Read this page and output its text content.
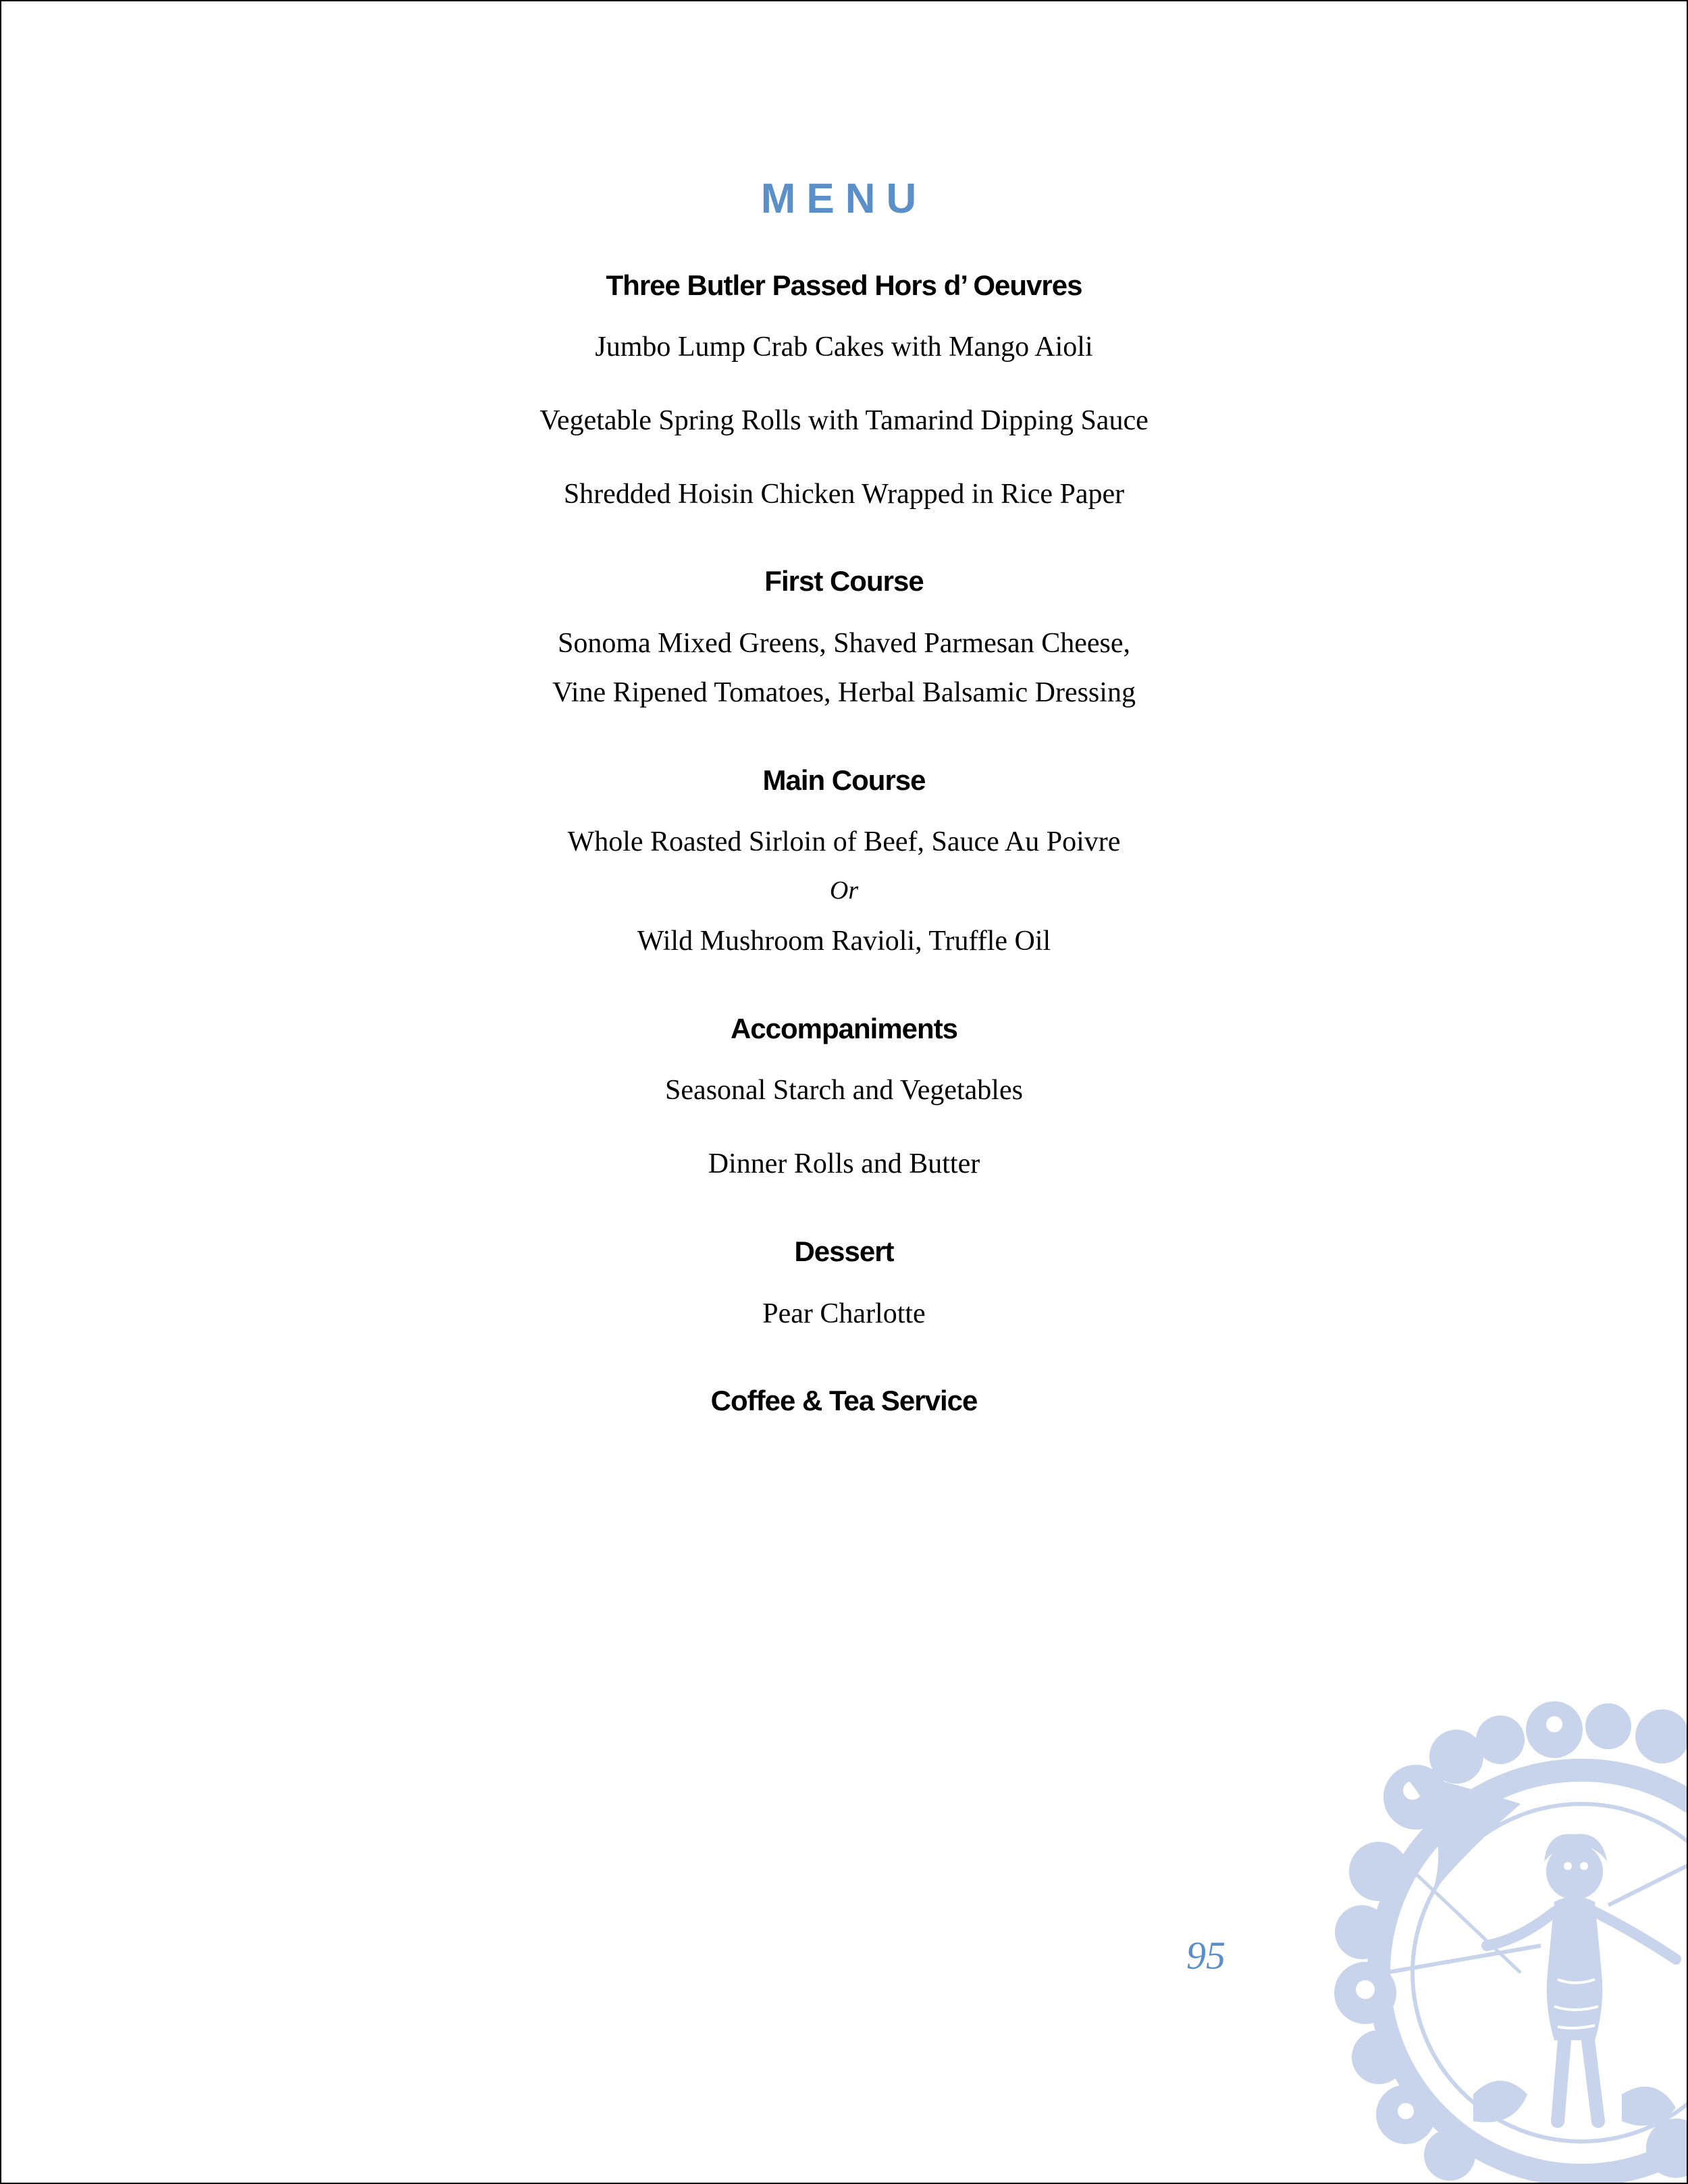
MENU
Three Butler Passed Hors d’ Oeuvres
Jumbo Lump Crab Cakes with Mango Aioli
Vegetable Spring Rolls with Tamarind Dipping Sauce
Shredded Hoisin Chicken Wrapped in Rice Paper
First Course
Sonoma Mixed Greens, Shaved Parmesan Cheese,
Vine Ripened Tomatoes, Herbal Balsamic Dressing
Main Course
Whole Roasted Sirloin of Beef, Sauce Au Poivre
Or
Wild Mushroom Ravioli, Truffle Oil
Accompaniments
Seasonal Starch and Vegetables
Dinner Rolls and Butter
Dessert
Pear Charlotte
Coffee & Tea Service
95
